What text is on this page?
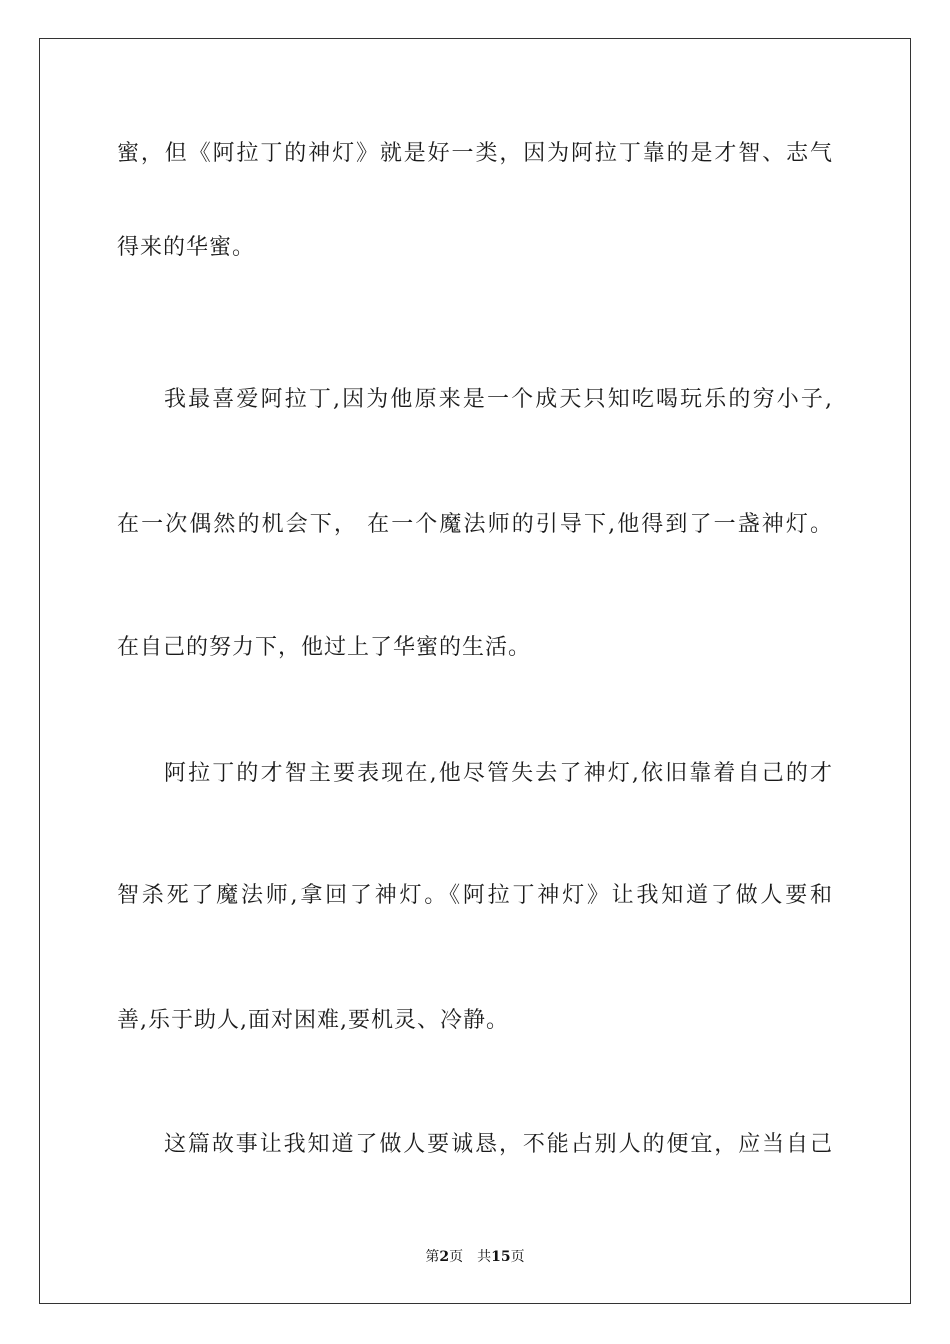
蜜，但《阿拉丁的神灯》就是好一类，因为阿拉丁靠的是才智、志气
得来的华蜜。
我最喜爱阿拉丁,因为他原来是一个成天只知吃喝玩乐的穷小子,
在一次偶然的机会下， 在一个魔法师的引导下,他得到了一盏神灯。
在自己的努力下，他过上了华蜜的生活。
阿拉丁的才智主要表现在,他尽管失去了神灯,依旧靠着自己的才
智杀死了魔法师,拿回了神灯。《阿拉丁神灯》让我知道了做人要和
善,乐于助人,面对困难,要机灵、冷静。
这篇故事让我知道了做人要诚恳，不能占别人的便宜，应当自己
第2页 共15页
